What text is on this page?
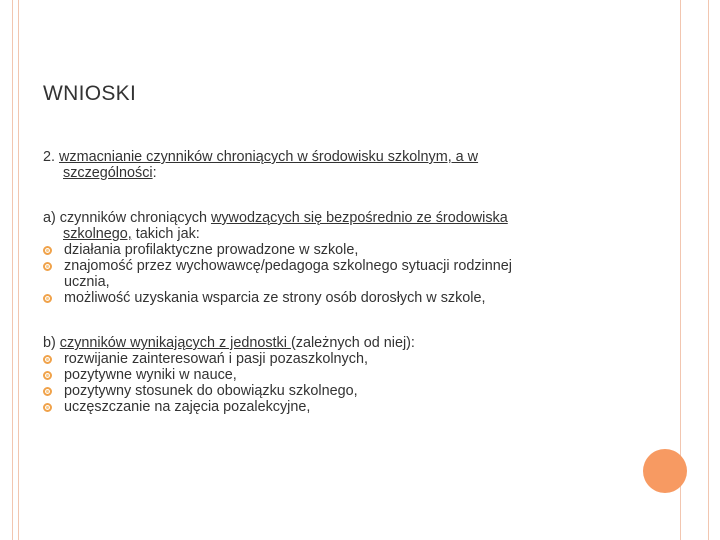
WNIOSKI

2. wzmacnianie czynników chroniących w środowisku szkolnym, a w

szczególności:

a) czynników chroniących wywodzących się bezpośrednio ze środowiska

szkolnego, takich jak:

działania profilaktyczne prowadzone w szkole,
znajomość przez wychowawcę/pedagoga szkolnego sytuacji rodzinnej
ucznia,
możliwość uzyskania wsparcia ze strony osób dorosłych w szkole,

b) czynników wynikających z jednostki (zależnych od niej):

rozwijanie zainteresowań i pasji pozaszkolnych,
pozytywne wyniki w nauce,
pozytywny stosunek do obowiązku szkolnego,
uczęszczanie na zajęcia pozalekcyjne,
